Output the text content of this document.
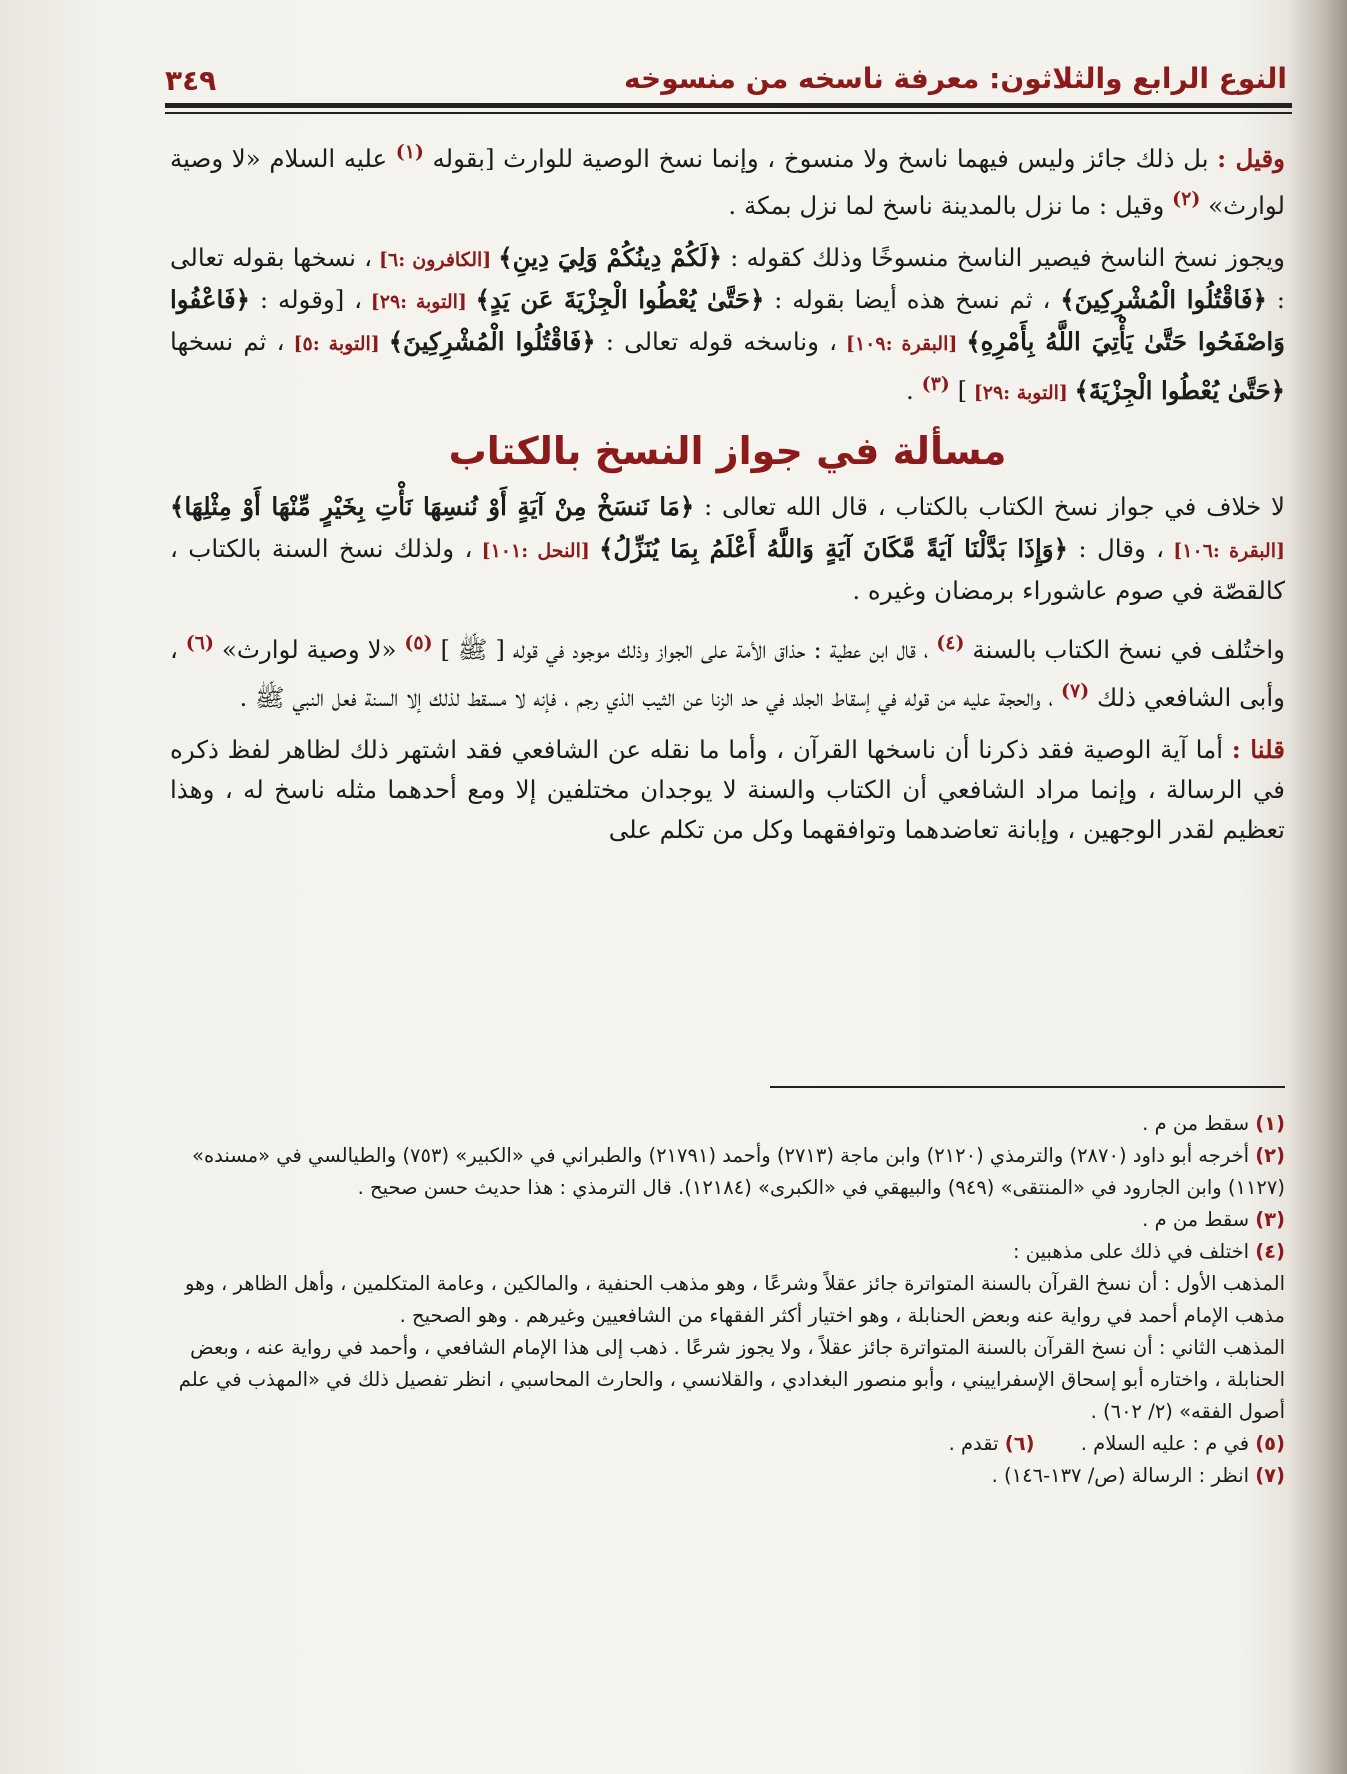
النوع الرابع والثلاثون: معرفة ناسخه من منسوخه
٣٤٩

وقيل : بل ذلك جائز وليس فيهما ناسخ ولا منسوخ ، وإنما نسخ الوصية للوارث [بقوله $^{(١)}$ عليه السلام «لا وصية لوارث» $^{(٢)}$ وقيل : ما نزل بالمدينة ناسخ لما نزل بمكة .

ويجوز نسخ الناسخ فيصير الناسخ منسوخًا وذلك كقوله : ﴿لَكُمْ دِينُكُمْ وَلِيَ دِينِ﴾ [الكافرون :٦] ، نسخها بقوله تعالى : ﴿فَاقْتُلُوا الْمُشْرِكِينَ﴾ ، ثم نسخ هذه أيضا بقوله : ﴿حَتَّىٰ يُعْطُوا الْجِزْيَةَ عَن يَدٍ﴾ [التوبة :٢٩] ، [وقوله : ﴿فَاعْفُوا وَاصْفَحُوا حَتَّىٰ يَأْتِيَ اللَّهُ بِأَمْرِهِ﴾ [البقرة :١٠٩] ، وناسخه قوله تعالى : ﴿فَاقْتُلُوا الْمُشْرِكِينَ﴾ [التوبة :٥] ، ثم نسخها ﴿حَتَّىٰ يُعْطُوا الْجِزْيَةَ﴾ [التوبة :٢٩] ] $^{(٣)}$ .

مسألة في جواز النسخ بالكتاب

لا خلاف في جواز نسخ الكتاب بالكتاب ، قال الله تعالى : ﴿مَا نَنسَخْ مِنْ آيَةٍ أَوْ نُنسِهَا نَأْتِ بِخَيْرٍ مِّنْهَا أَوْ مِثْلِهَا﴾ [البقرة :١٠٦] ، وقال : ﴿وَإِذَا بَدَّلْنَا آيَةً مَّكَانَ آيَةٍ وَاللَّهُ أَعْلَمُ بِمَا يُنَزِّلُ﴾ [النحل :١٠١] ، ولذلك نسخ السنة بالكتاب ، كالقصّة في صوم عاشوراء برمضان وغيره .

واختُلف في نسخ الكتاب بالسنة $^{(٤)}$ ، قال ابن عطية : حذاق الأمة على الجواز وذلك موجود في قوله [ ﷺ ] $^{(٥)}$ «لا وصية لوارث» $^{(٦)}$ ، وأبى الشافعي ذلك $^{(٧)}$ ، والحجة عليه من قوله في إسقاط الجلد في حد الزنا عن الثيب الذي رجم ، فإنه لا مسقط لذلك إلا السنة فعل النبي ﷺ .

قلنا : أما آية الوصية فقد ذكرنا أن ناسخها القرآن ، وأما ما نقله عن الشافعي فقد اشتهر ذلك لظاهر لفظ ذكره في الرسالة ، وإنما مراد الشافعي أن الكتاب والسنة لا يوجدان مختلفين إلا ومع أحدهما مثله ناسخ له ، وهذا تعظيم لقدر الوجهين ، وإبانة تعاضدهما وتوافقهما وكل من تكلم على

(١) سقط من م .

(٢) أخرجه أبو داود (٢٨٧٠) والترمذي (٢١٢٠) وابن ماجة (٢٧١٣) وأحمد (٢١٧٩١) والطبراني في «الكبير» (٧٥٣) والطيالسي في «مسنده» (١١٢٧) وابن الجارود في «المنتقى» (٩٤٩) والبيهقي في «الكبرى» (١٢١٨٤). قال الترمذي : هذا حديث حسن صحيح .

(٣) سقط من م .

(٤) اختلف في ذلك على مذهبين :

المذهب الأول : أن نسخ القرآن بالسنة المتواترة جائز عقلاً وشرعًا ، وهو مذهب الحنفية ، والمالكين ، وعامة المتكلمين ، وأهل الظاهر ، وهو مذهب الإمام أحمد في رواية عنه وبعض الحنابلة ، وهو اختيار أكثر الفقهاء من الشافعيين وغيرهم . وهو الصحيح .

المذهب الثاني : أن نسخ القرآن بالسنة المتواترة جائز عقلاً ، ولا يجوز شرعًا . ذهب إلى هذا الإمام الشافعي ، وأحمد في رواية عنه ، وبعض الحنابلة ، واختاره أبو إسحاق الإسفراييني ، وأبو منصور البغدادي ، والقلانسي ، والحارث المحاسبي ، انظر تفصيل ذلك في «المهذب في علم أصول الفقه» (٢/ ٦٠٢) .

(٥) في م : عليه السلام . (٦) تقدم .

(٧) انظر : الرسالة (ص/ ١٣٧-١٤٦) .
